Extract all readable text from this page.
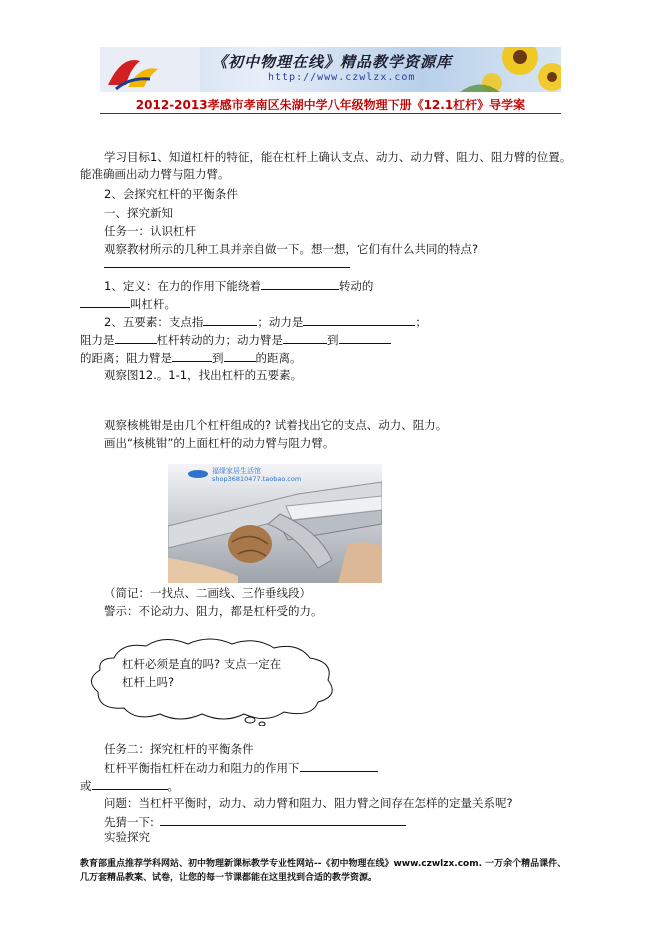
《初中物理在线》精品教学资源库
http://www.czwlzx.com
2012-2013孝感市孝南区朱湖中学八年级物理下册《12.1杠杆》导学案
学习目标1、知道杠杆的特征，能在杠杆上确认支点、动力、动力臂、阻力、阻力臂的位置。
能准确画出动力臂与阻力臂。
2、会探究杠杆的平衡条件
一、探究新知
任务一：认识杠杆
观察教材所示的几种工具并亲自做一下。想一想，它们有什么共同的特点?
1、定义：在力的作用下能绕着	转动的
叫杠杆。
2、五要素：支点指	；动力是	；
阻力是	杠杆转动的力；动力臂是	到
的距离；阻力臂是	到	的距离。
观察图12.。1-1，找出杠杆的五要素。
观察核桃钳是由几个杠杆组成的? 试着找出它的支点、动力、阻力。
画出“核桃钳”的上面杠杆的动力臂与阻力臂。
福缘家居生活馆
shop36810477.taobao.com
（简记：一找点、二画线、三作垂线段）
警示：不论动力、阻力，都是杠杆受的力。
杠杆必须是直的吗? 支点一定在
杠杆上吗?
任务二：探究杠杆的平衡条件
杠杆平衡指杠杆在动力和阻力的作用下
或	。
问题：当杠杆平衡时，动力、动力臂和阻力、阻力臂之间存在怎样的定量关系呢?
先猜一下:
实验探究
教育部重点推荐学科网站、初中物理新课标教学专业性网站--《初中物理在线》www.czwlzx.com. 一万余个精品课件、
几万套精品教案、试卷，让您的每一节课都能在这里找到合适的教学资源。
